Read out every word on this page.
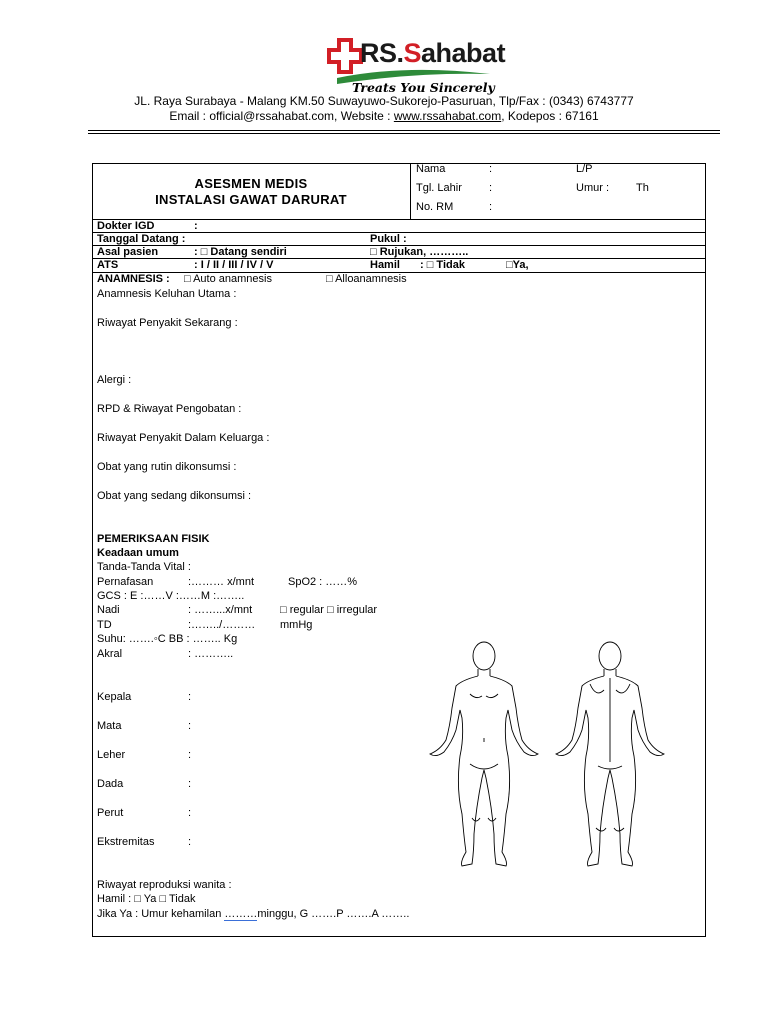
RS.Sahabat
Treats You Sincerely
JL. Raya Surabaya - Malang KM.50 Suwayuwo-Sukorejo-Pasuruan, Tlp/Fax : (0343) 6743777
Email : official@rssahabat.com, Website : www.rssahabat.com, Kodepos : 67161
ASESMEN MEDIS
INSTALASI GAWAT DARURAT
Nama	:	L/P
Tgl. Lahir :	Umur : Th
No. RM	:
Dokter IGD	:
Tanggal Datang :	Pukul :
Asal pasien	: □ Datang sendiri	□ Rujukan, ………..
ATS	: I / II / III / IV / V	Hamil : □ Tidak	□Ya,
ANAMNESIS : □ Auto anamnesis	□ Alloanamnesis
Anamnesis Keluhan Utama :
Riwayat Penyakit Sekarang :
Alergi :
RPD & Riwayat Pengobatan :
Riwayat Penyakit Dalam Keluarga :
Obat yang rutin dikonsumsi :
Obat yang sedang dikonsumsi :
PEMERIKSAAN FISIK
Keadaan umum
Tanda-Tanda Vital :
Pernafasan	:……… x/mnt	SpO2 : ……%
GCS : E :……V :……M :……..
Nadi	: ……...x/mnt	□ regular □ irregular
TD	:……../……… mmHg
Suhu: …….◦C BB : …….. Kg
Akral	: ………..
Kepala	:
Mata	:
Leher	:
Dada	:
Perut	:
Ekstremitas	:
Riwayat reproduksi wanita :
Hamil : □ Ya □ Tidak
Jika Ya : Umur kehamilan ………minggu, G …….P …….A ……..
